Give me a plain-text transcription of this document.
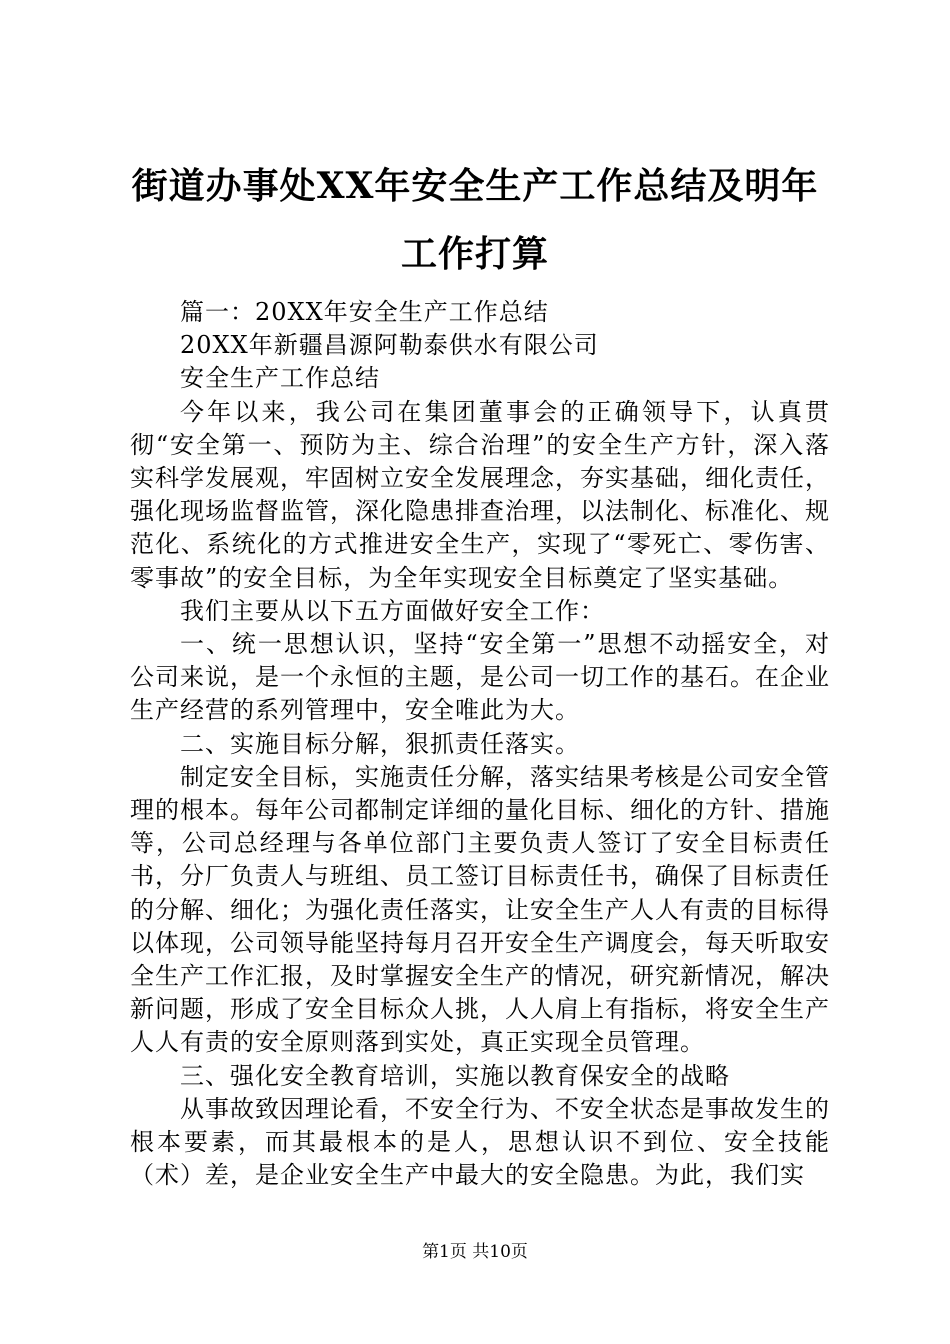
街道办事处XX年安全生产工作总结及明年工作打算

篇一：20XX年安全生产工作总结

20XX年新疆昌源阿勒泰供水有限公司

安全生产工作总结

今年以来，我公司在集团董事会的正确领导下，认真贯彻“安全第一、预防为主、综合治理”的安全生产方针，深入落实科学发展观，牢固树立安全发展理念，夯实基础，细化责任，强化现场监督监管，深化隐患排查治理，以法制化、标准化、规范化、系统化的方式推进安全生产，实现了“零死亡、零伤害、零事故”的安全目标，为全年实现安全目标奠定了坚实基础。

我们主要从以下五方面做好安全工作：

一、统一思想认识，坚持“安全第一”思想不动摇安全，对公司来说，是一个永恒的主题，是公司一切工作的基石。在企业生产经营的系列管理中，安全唯此为大。

二、实施目标分解，狠抓责任落实。

制定安全目标，实施责任分解，落实结果考核是公司安全管理的根本。每年公司都制定详细的量化目标、细化的方针、措施等，公司总经理与各单位部门主要负责人签订了安全目标责任书，分厂负责人与班组、员工签订目标责任书，确保了目标责任的分解、细化；为强化责任落实，让安全生产人人有责的目标得以体现，公司领导能坚持每月召开安全生产调度会，每天听取安全生产工作汇报，及时掌握安全生产的情况，研究新情况，解决新问题，形成了安全目标众人挑，人人肩上有指标，将安全生产人人有责的安全原则落到实处，真正实现全员管理。

三、强化安全教育培训，实施以教育保安全的战略

从事故致因理论看，不安全行为、不安全状态是事故发生的根本要素，而其最根本的是人，思想认识不到位、安全技能（术）差，是企业安全生产中最大的安全隐患。为此，我们实

第1页 共10页
